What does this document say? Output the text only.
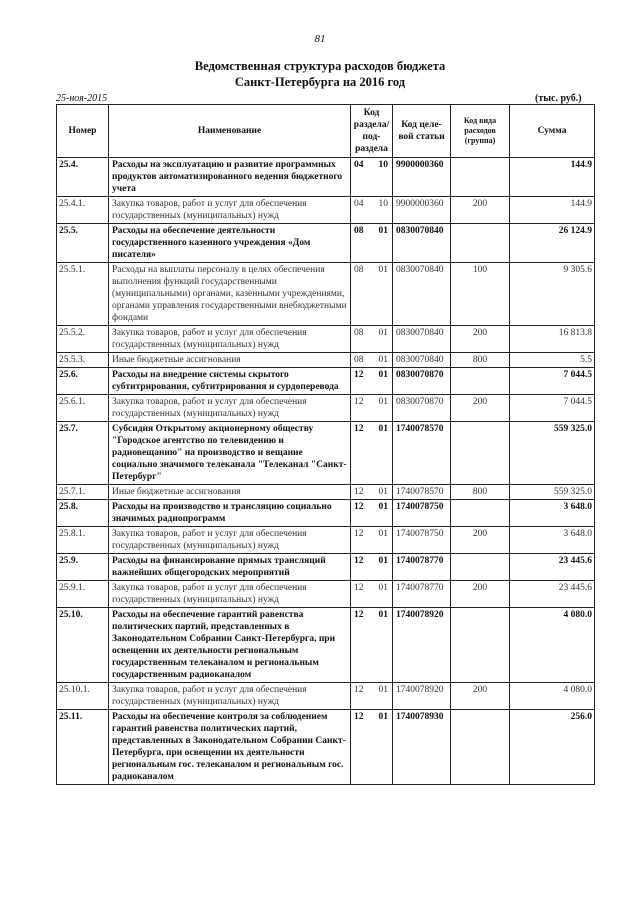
81
Ведомственная структура расходов бюджета
Санкт-Петербурга на 2016 год
25-ноя-2015	(тыс. руб.)
Номер	Наименование	Код раздела/ под- раздела		Код целе- вой статьи	Код вида расходов (группа)	Сумма
25.4.	Расходы на эксплуатацию и развитие программных продуктов автоматизированного ведения бюджетного учета	04	10	9900000360		144.9
25.4.1.	Закупка товаров, работ и услуг для обеспечения государственных (муниципальных) нужд	04	10	9900000360	200	144.9
25.5.	Расходы на обеспечение деятельности государственного казенного учреждения «Дом писателя»	08	01	0830070840		26 124.9
25.5.1.	Расходы на выплаты персоналу в целях обеспечения выполнения функций государственными (муниципальными) органами, казенными учреждениями, органами управления государственными внебюджетными фондами	08	01	0830070840	100	9 305.6
25.5.2.	Закупка товаров, работ и услуг для обеспечения государственных (муниципальных) нужд	08	01	0830070840	200	16 813.8
25.5.3.	Иные бюджетные ассигнования	08	01	0830070840	800	5.5
25.6.	Расходы на внедрение системы скрытого субтитрирования, субтитрирования и сурдоперевода	12	01	0830070870		7 044.5
25.6.1.	Закупка товаров, работ и услуг для обеспечения государственных (муниципальных) нужд	12	01	0830070870	200	7 044.5
25.7.	Субсидия Открытому акционерному обществу "Городское агентство по телевидению и радиовещанию" на производство и вещание социально значимого телеканала "Телеканал "Санкт-Петербург"	12	01	1740078570		559 325.0
25.7.1.	Иные бюджетные ассигнования	12	01	1740078570	800	559 325.0
25.8.	Расходы на производство и трансляцию социально значимых радиопрограмм	12	01	1740078750		3 648.0
25.8.1.	Закупка товаров, работ и услуг для обеспечения государственных (муниципальных) нужд	12	01	1740078750	200	3 648.0
25.9.	Расходы на финансирование прямых трансляций важнейших общегородских мероприятий	12	01	1740078770		23 445.6
25.9.1.	Закупка товаров, работ и услуг для обеспечения государственных (муниципальных) нужд	12	01	1740078770	200	23 445.6
25.10.	Расходы на обеспечение гарантий равенства политических партий, представленных в Законодательном Собрании Санкт-Петербурга, при освещении их деятельности региональным государственным телеканалом и региональным государственным радиоканалом	12	01	1740078920		4 080.0
25.10.1.	Закупка товаров, работ и услуг для обеспечения государственных (муниципальных) нужд	12	01	1740078920	200	4 080.0
25.11.	Расходы на обеспечение контроля за соблюдением гарантий равенства политических партий, представленных в Законодательном Собрании Санкт-Петербурга, при освещении их деятельности региональным гос. телеканалом и региональным гос. радиоканалом	12	01	1740078930		256.0
